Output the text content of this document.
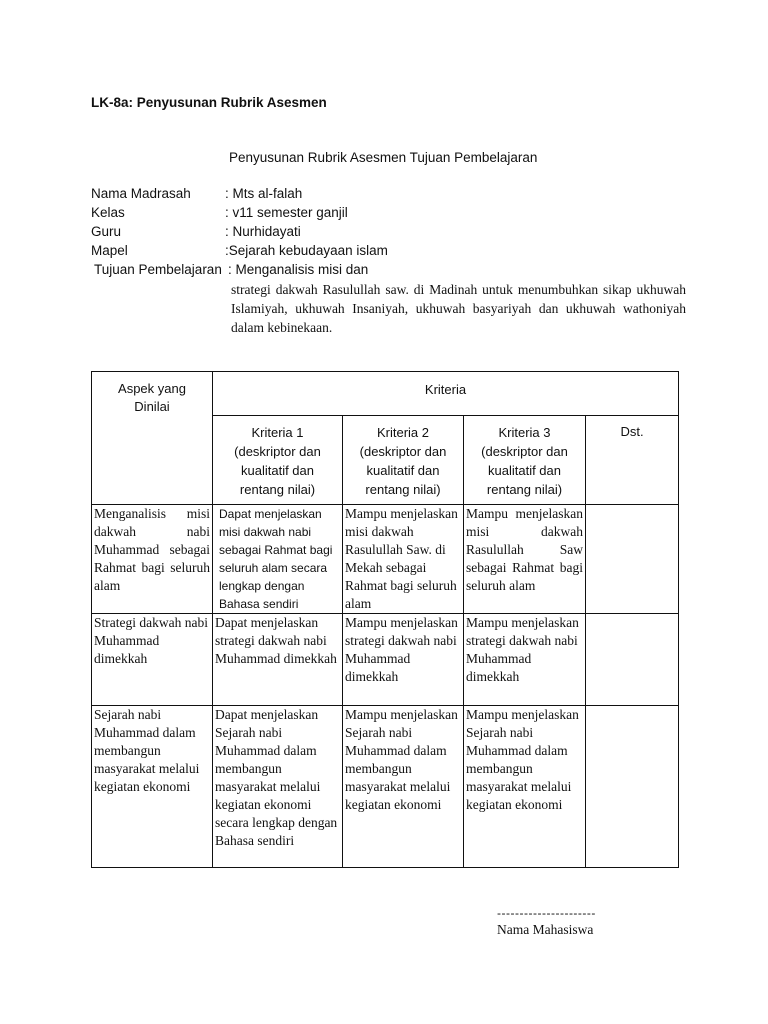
LK-8a: Penyusunan Rubrik Asesmen
Penyusunan Rubrik Asesmen Tujuan Pembelajaran
Nama Madrasah	: Mts al-falah
Kelas	: v11 semester ganjil
Guru	: Nurhidayati
Mapel	:Sejarah kebudayaan islam
Tujuan Pembelajaran : Menganalisis misi dan
strategi dakwah Rasulullah saw. di Madinah untuk menumbuhkan sikap ukhuwah Islamiyah, ukhuwah Insaniyah, ukhuwah basyariyah dan ukhuwah wathoniyah dalam kebinekaan.
Aspek yang Dinilai	Kriteria			

	Kriteria 1 (deskriptor dan kualitatif dan rentang nilai)	Kriteria 2 (deskriptor dan kualitatif dan rentang nilai)	Kriteria 3 (deskriptor dan kualitatif dan rentang nilai)	Dst.
Menganalisis misi dakwah nabi Muhammad sebagai Rahmat bagi seluruh alam	Dapat menjelaskan misi dakwah nabi sebagai Rahmat bagi seluruh alam secara lengkap dengan Bahasa sendiri	Mampu menjelaskan misi dakwah Rasulullah Saw. di Mekah sebagai Rahmat bagi seluruh alam	Mampu menjelaskan misi dakwah Rasulullah Saw sebagai Rahmat bagi seluruh alam	
Strategi dakwah nabi Muhammad dimekkah	Dapat menjelaskan strategi dakwah nabi Muhammad dimekkah	Mampu menjelaskan strategi dakwah nabi Muhammad dimekkah	Mampu menjelaskan strategi dakwah nabi Muhammad dimekkah	
Sejarah nabi Muhammad dalam membangun masyarakat melalui kegiatan ekonomi	Dapat menjelaskan Sejarah nabi Muhammad dalam membangun masyarakat melalui kegiatan ekonomi secara lengkap dengan Bahasa sendiri	Mampu menjelaskan Sejarah nabi Muhammad dalam membangun masyarakat melalui kegiatan ekonomi	Mampu menjelaskan Sejarah nabi Muhammad dalam membangun masyarakat melalui kegiatan ekonomi	
----------------------
Nama Mahasiswa
